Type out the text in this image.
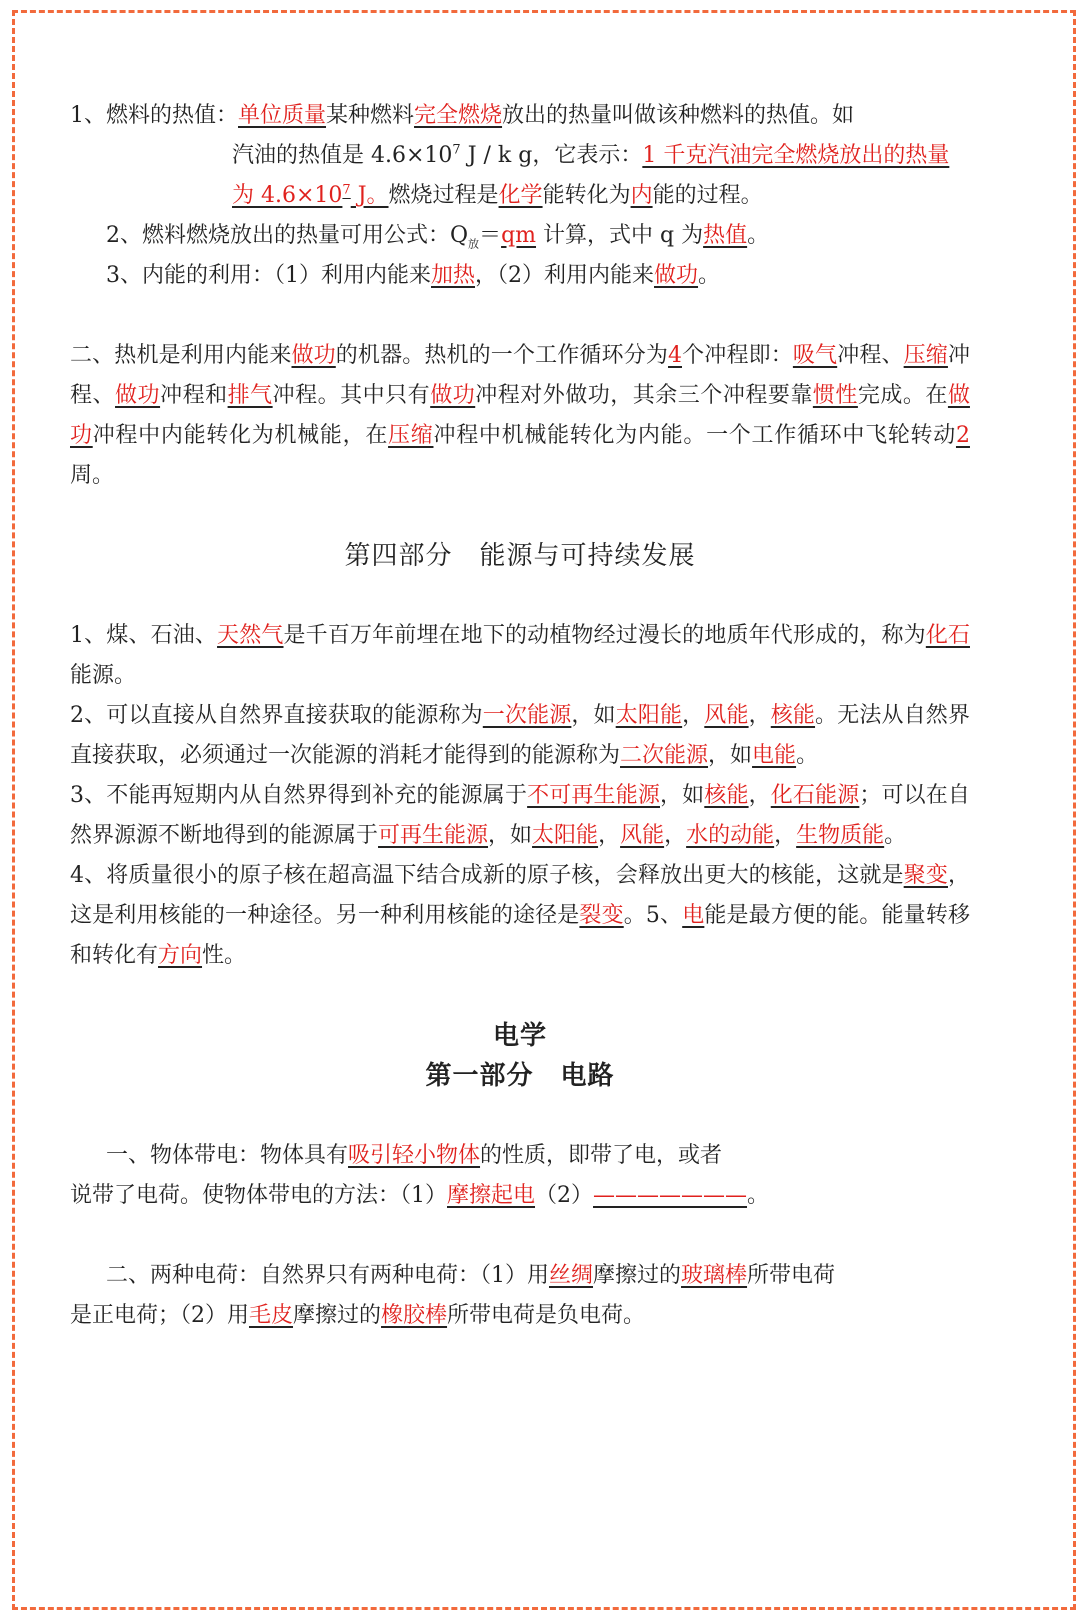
1、燃料的热值：单位质量某种燃料完全燃烧放出的热量叫做该种燃料的热值。如

汽油的热值是 $4.6\times 10^7$ J / k g，它表示：1 千克汽油完全燃烧放出的热量

为 $4.6\times 10^7$ J。燃烧过程是化学能转化为内能的过程。

2、燃料燃烧放出的热量可用公式：$Q_放=qm$ 计算，式中 q 为热值。

3、内能的利用：（1）利用内能来加热，（2）利用内能来做功。

二、热机是利用内能来做功的机器。热机的一个工作循环分为4个冲程即：吸气冲程、压缩冲程、做功冲程和排气冲程。其中只有做功冲程对外做功，其余三个冲程要靠惯性完成。在做功冲程中内能转化为机械能，在压缩冲程中机械能转化为内能。一个工作循环中飞轮转动2周。

第四部分　能源与可持续发展

1、煤、石油、天然气是千百万年前埋在地下的动植物经过漫长的地质年代形成的，称为化石能源。

2、可以直接从自然界直接获取的能源称为一次能源，如太阳能，风能，核能。无法从自然界直接获取，必须通过一次能源的消耗才能得到的能源称为二次能源，如电能。

3、不能再短期内从自然界得到补充的能源属于不可再生能源，如核能，化石能源；可以在自然界源源不断地得到的能源属于可再生能源，如太阳能，风能，水的动能，生物质能。

4、将质量很小的原子核在超高温下结合成新的原子核，会释放出更大的核能，这就是聚变，这是利用核能的一种途径。另一种利用核能的途径是裂变。5、电能是最方便的能。能量转移和转化有方向性。

电学

第一部分　电路

一、物体带电：物体具有吸引轻小物体的性质，即带了电，或者

说带了电荷。使物体带电的方法：（1）摩擦起电（2）———————。

二、两种电荷：自然界只有两种电荷：（1）用丝绸摩擦过的玻璃棒所带电荷

是正电荷；（2）用毛皮摩擦过的橡胶棒所带电荷是负电荷。
